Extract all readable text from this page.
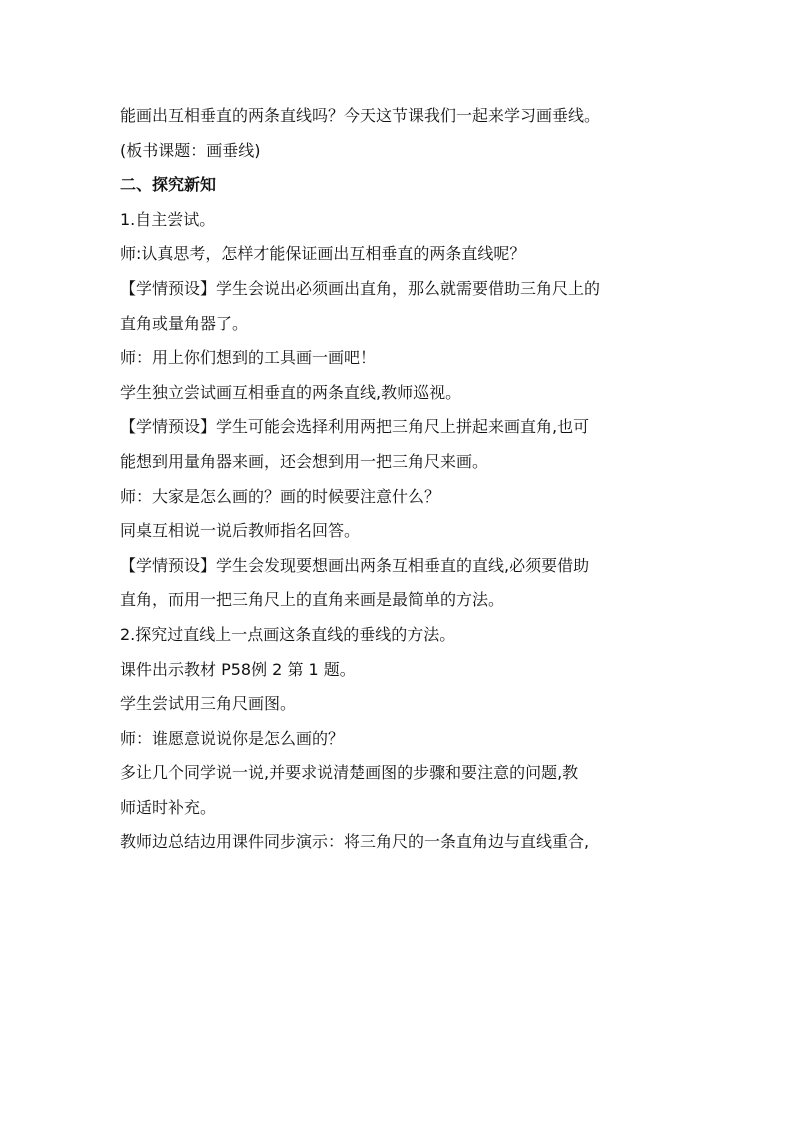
能画出互相垂直的两条直线吗？今天这节课我们一起来学习画垂线。
(板书课题：画垂线)
二、探究新知
1.自主尝试。
师:认真思考，怎样才能保证画出互相垂直的两条直线呢？
【学情预设】学生会说出必须画出直角，那么就需要借助三角尺上的
直角或量角器了。
师：用上你们想到的工具画一画吧！
学生独立尝试画互相垂直的两条直线,教师巡视。
【学情预设】学生可能会选择利用两把三角尺上拼起来画直角,也可
能想到用量角器来画，还会想到用一把三角尺来画。
师：大家是怎么画的？画的时候要注意什么？
同桌互相说一说后教师指名回答。
【学情预设】学生会发现要想画出两条互相垂直的直线,必须要借助
直角，而用一把三角尺上的直角来画是最简单的方法。
2.探究过直线上一点画这条直线的垂线的方法。
课件出示教材 P58例 2 第 1 题。
学生尝试用三角尺画图。
师：谁愿意说说你是怎么画的？
多让几个同学说一说,并要求说清楚画图的步骤和要注意的问题,教
师适时补充。
教师边总结边用课件同步演示：将三角尺的一条直角边与直线重合,
